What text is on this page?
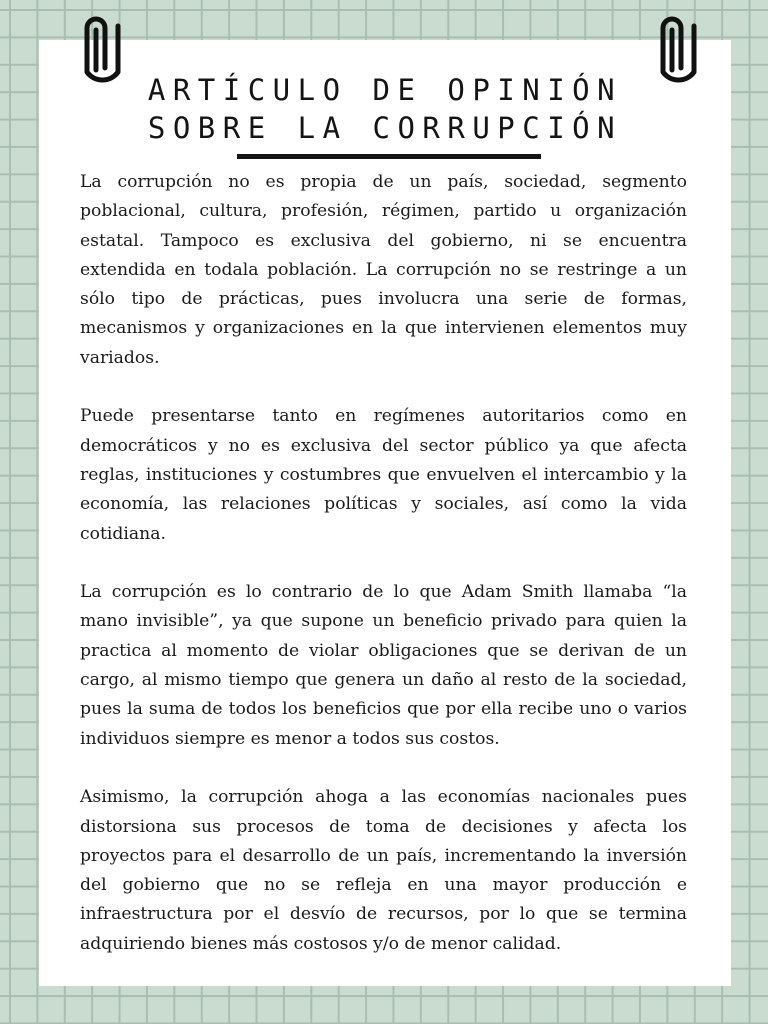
ARTÍCULO DE OPINIÓN
SOBRE LA CORRUPCIÓN

La corrupción no es propia de un país, sociedad, segmento poblacional, cultura, profesión, régimen, partido u organización estatal. Tampoco es exclusiva del gobierno, ni se encuentra extendida en todala población. La corrupción no se restringe a un sólo tipo de prácticas, pues involucra una serie de formas, mecanismos y organizaciones en la que intervienen elementos muy variados.

Puede presentarse tanto en regímenes autoritarios como en democráticos y no es exclusiva del sector público ya que afecta reglas, instituciones y costumbres que envuelven el intercambio y la economía, las relaciones políticas y sociales, así como la vida cotidiana.

La corrupción es lo contrario de lo que Adam Smith llamaba “la mano invisible”, ya que supone un beneficio privado para quien la practica al momento de violar obligaciones que se derivan de un cargo, al mismo tiempo que genera un daño al resto de la sociedad, pues la suma de todos los beneficios que por ella recibe uno o varios individuos siempre es menor a todos sus costos.

Asimismo, la corrupción ahoga a las economías nacionales pues distorsiona sus procesos de toma de decisiones y afecta los proyectos para el desarrollo de un país, incrementando la inversión del gobierno que no se refleja en una mayor producción e infraestructura por el desvío de recursos, por lo que se termina adquiriendo bienes más costosos y/o de menor calidad.
